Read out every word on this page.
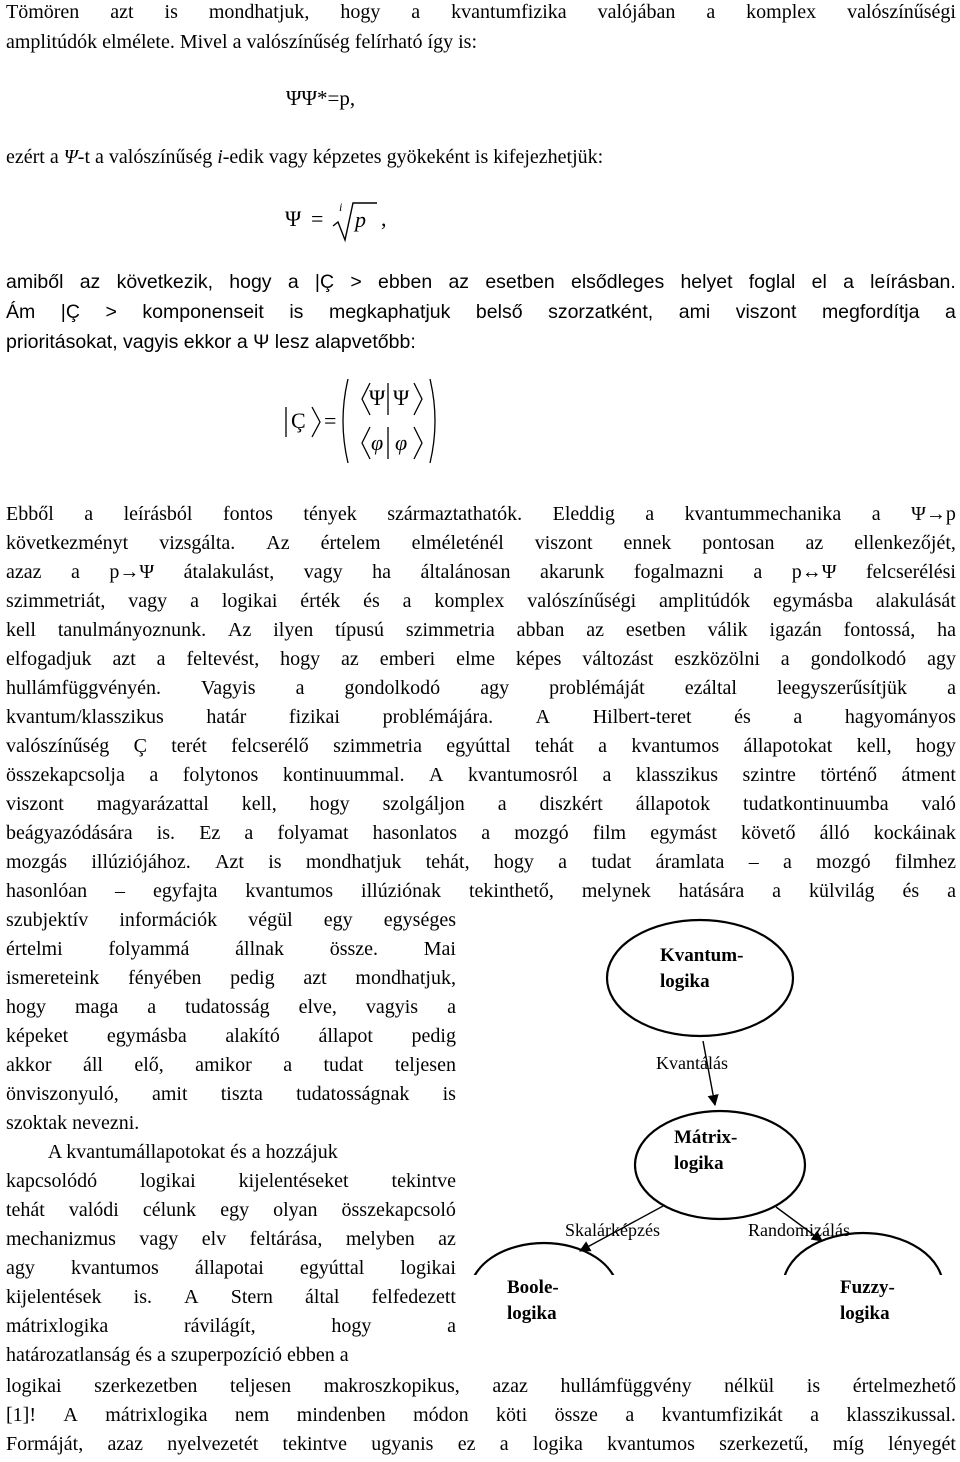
Tömören azt is mondhatjuk, hogy a kvantumfizika valójában a komplex valószínűségi
amplitúdók elmélete. Mivel a valószínűség felírható így is:
ΨΨ*=p,
ezért a Ψ-t a valószínűség i-edik vagy képzetes gyökeként is kifejezhetjük:
Ψ = i p ,
amiből az következik, hogy a |Ç > ebben az esetben elsődleges helyet foglal el a leírásban.
Ám |Ç > komponenseit is megkaphatjuk belső szorzatként, ami viszont megfordítja a
prioritásokat, vagyis ekkor a Ψ lesz alapvetőbb:
Ç =
Ψ Ψ
φ φ
Ebből a leírásból fontos tények származtathatók. Eleddig a kvantummechanika a Ψ→p
következményt vizsgálta. Az értelem elméleténél viszont ennek pontosan az ellenkezőjét,
azaz a p→Ψ átalakulást, vagy ha általánosan akarunk fogalmazni a p↔Ψ felcserélési
szimmetriát, vagy a logikai érték és a komplex valószínűségi amplitúdók egymásba alakulását
kell tanulmányoznunk. Az ilyen típusú szimmetria abban az esetben válik igazán fontossá, ha
elfogadjuk azt a feltevést, hogy az emberi elme képes változást eszközölni a gondolkodó agy
hullámfüggvényén. Vagyis a gondolkodó agy problémáját ezáltal leegyszerűsítjük a
kvantum/klasszikus határ fizikai problémájára. A Hilbert-teret és a hagyományos
valószínűség Ç terét felcserélő szimmetria egyúttal tehát a kvantumos állapotokat kell, hogy
összekapcsolja a folytonos kontinuummal. A kvantumosról a klasszikus szintre történő átment
viszont magyarázattal kell, hogy szolgáljon a diszkért állapotok tudatkontinuumba való
beágyazódására is. Ez a folyamat hasonlatos a mozgó film egymást követő álló kockáinak
mozgás illúziójához. Azt is mondhatjuk tehát, hogy a tudat áramlata – a mozgó filmhez
hasonlóan – egyfajta kvantumos illúziónak tekinthető, melynek hatására a külvilág és a
szubjektív információk végül egy egységes
értelmi folyammá állnak össze. Mai
ismereteink fényében pedig azt mondhatjuk,
hogy maga a tudatosság elve, vagyis a
képeket egymásba alakító állapot pedig
akkor áll elő, amikor a tudat teljesen
önviszonyuló, amit tiszta tudatosságnak is
szoktak nevezni.
A kvantumállapotokat és a hozzájuk
kapcsolódó logikai kijelentéseket tekintve
tehát valódi célunk egy olyan összekapcsoló
mechanizmus vagy elv feltárása, melyben az
agy kvantumos állapotai egyúttal logikai
kijelentések is. A Stern által felfedezett
mátrixlogika	rávilágít,	hogy	a
határozatlanság és a szuperpozíció ebben a
Kvantum-
logika
Kvantálás
Mátrix-
logika
Skalárképzés	Randomizálás
Boole-	Fuzzy-
logika	logika
logikai szerkezetben teljesen makroszkopikus, azaz hullámfüggvény nélkül is értelmezhető
[1]! A mátrixlogika nem mindenben módon köti össze a kvantumfizikát a klasszikussal.
Formáját, azaz nyelvezetét tekintve ugyanis ez a logika kvantumos szerkezetű, míg lényegét
